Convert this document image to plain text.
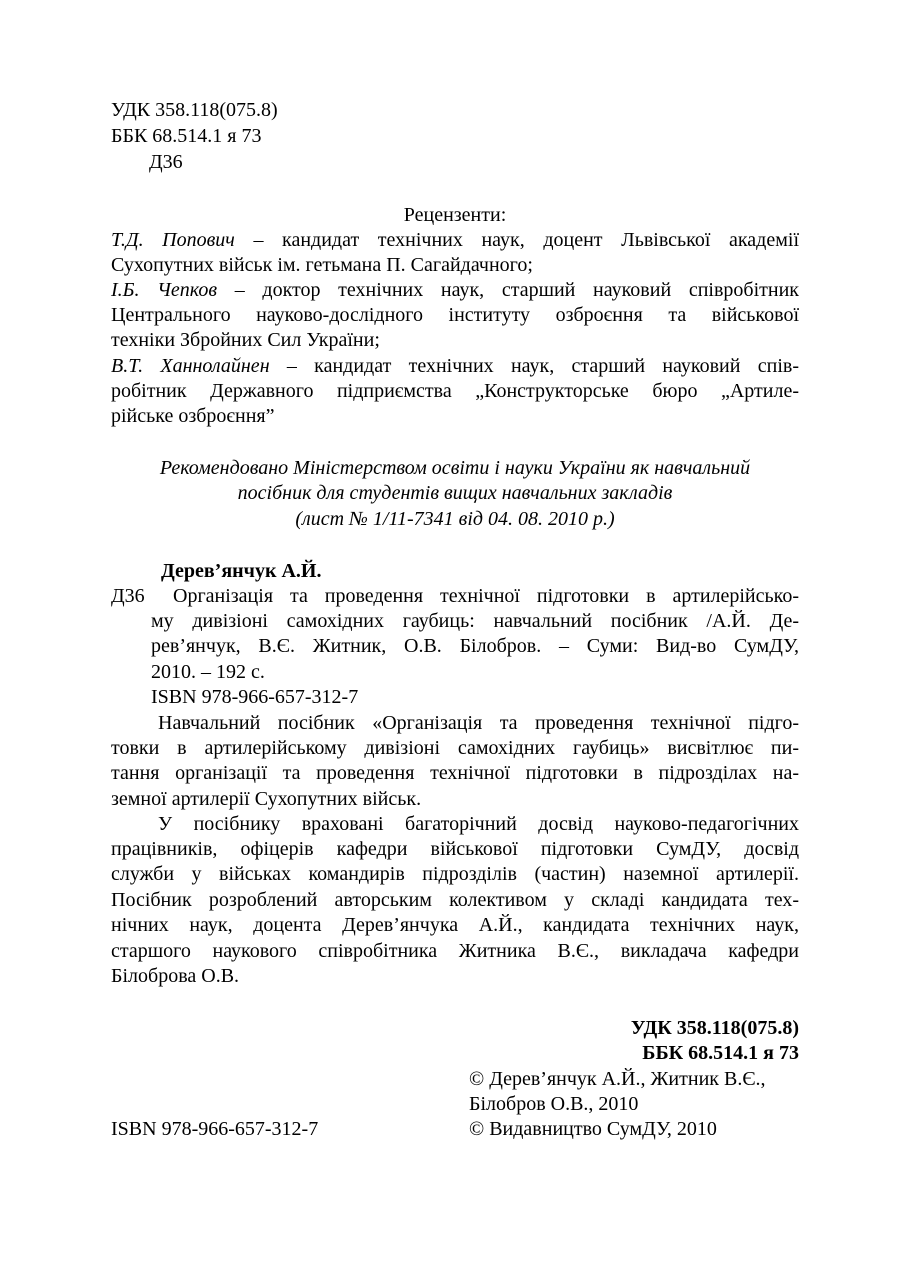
УДК 358.118(075.8)
ББК 68.514.1 я 73
Д36
Рецензенти:
Т.Д. Попович – кандидат технічних наук, доцент Львівської академії
Сухопутних військ ім. гетьмана П. Сагайдачного;
І.Б. Чепков – доктор технічних наук, старший науковий співробітник
Центрального науково-дослідного інституту озброєння та військової
техніки Збройних Сил України;
В.Т. Ханнолайнен – кандидат технічних наук, старший науковий спів-
робітник Державного підприємства „Конструкторське бюро „Артиле-
рійське озброєння”
Рекомендовано Міністерством освіти і науки України як навчальний
посібник для студентів вищих навчальних закладів
(лист № 1/11-7341 від 04. 08. 2010 р.)
Дерев’янчук А.Й.
Д36 Організація та проведення технічної підготовки в артилерійсько-
му дивізіоні самохідних гаубиць: навчальний посібник /А.Й. Де-
рев’янчук, В.Є. Житник, О.В. Білобров. – Суми: Вид-во СумДУ,
2010. – 192 с.
ISBN 978-966-657-312-7
Навчальний посібник «Організація та проведення технічної підго-
товки в артилерійському дивізіоні самохідних гаубиць» висвітлює пи-
тання організації та проведення технічної підготовки в підрозділах на-
земної артилерії Сухопутних військ.
У посібнику враховані багаторічний досвід науково-педагогічних
працівників, офіцерів кафедри військової підготовки СумДУ, досвід
служби у військах командирів підрозділів (частин) наземної артилерії.
Посібник розроблений авторським колективом у складі кандидата тех-
нічних наук, доцента Дерев’янчука А.Й., кандидата технічних наук,
старшого наукового співробітника Житника В.Є., викладача кафедри
Білоброва О.В.
УДК 358.118(075.8)
ББК 68.514.1 я 73
© Дерев’янчук А.Й., Житник В.Є.,
Білобров О.В., 2010
ISBN 978-966-657-312-7	© Видавництво СумДУ, 2010
